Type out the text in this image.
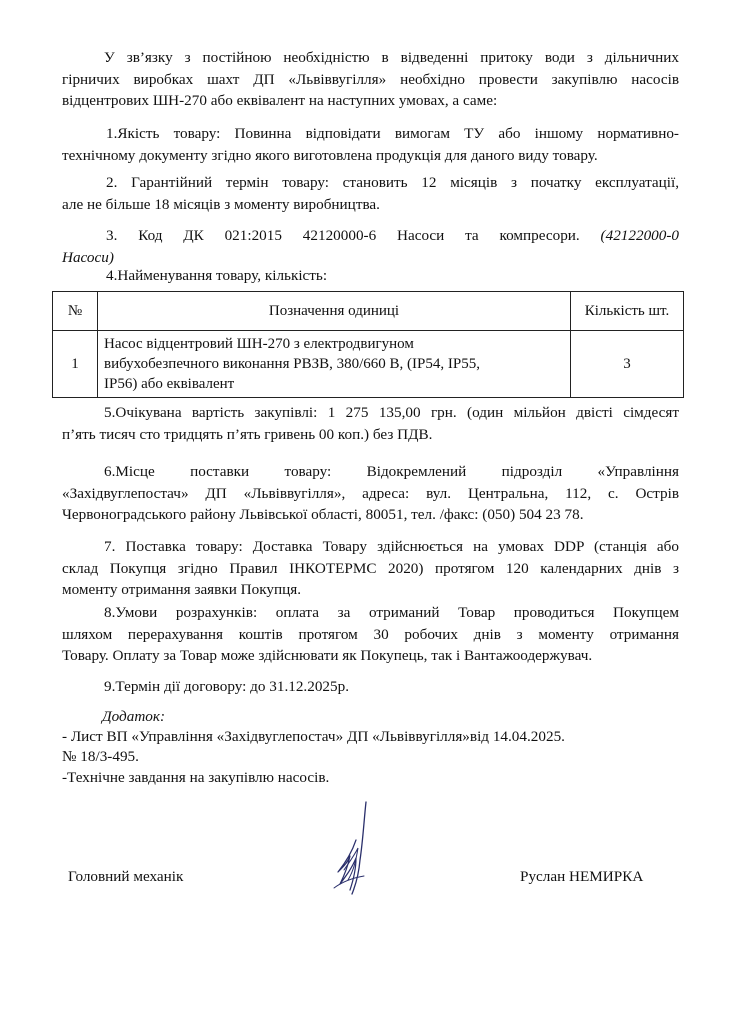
У зв’язку з постійною необхідністю в відведенні притоку води з дільничних
гірничих виробках шахт ДП «Львіввугілля» необхідно провести закупівлю насосів
відцентрових ШН-270 або еквівалент на наступних умовах, а саме:
1.Якість товару: Повинна відповідати вимогам ТУ або іншому нормативно-
технічному документу згідно якого виготовлена продукція для даного виду товару.
2. Гарантійний термін товару: становить 12 місяців з початку експлуатації,
але не більше 18 місяців з моменту виробництва.
3. Код ДК 021:2015 42120000-6 Насоси та компресори. (42122000-0
Насоси)
4.Найменування товару, кількість:
№	Позначення одиниці	Кількість шт.
1	Насос відцентровий ШН-270 з електродвигуном
вибухобезпечного виконання РВЗВ, 380/660 В, (IP54, IP55,
IP56) або еквівалент	3
5.Очікувана вартість закупівлі: 1 275 135,00 грн. (один мільйон двісті сімдесят
п’ять тисяч сто тридцять п’ять гривень 00 коп.) без ПДВ.
6.Місце поставки товару: Відокремлений підрозділ «Управління
«Західвуглепостач» ДП «Львіввугілля», адреса: вул. Центральна, 112, с. Острів
Червоноградського району Львівської області, 80051, тел. /факс: (050) 504 23 78.
7. Поставка товару: Доставка Товару здійснюється на умовах DDP (станція або
склад Покупця згідно Правил ІНКОТЕРМС 2020) протягом 120 календарних днів з
моменту отримання заявки Покупця.
8.Умови розрахунків: оплата за отриманий Товар проводиться Покупцем
шляхом перерахування коштів протягом 30 робочих днів з моменту отримання
Товару. Оплату за Товар може здійснювати як Покупець, так і Вантажоодержувач.
9.Термін дії договору: до 31.12.2025р.
Додаток:
- Лист ВП «Управління «Західвуглепостач» ДП «Львіввугілля»від 14.04.2025.
№ 18/3-495.
-Технічне завдання на закупівлю насосів.
Головний механік	Руслан НЕМИРКА
